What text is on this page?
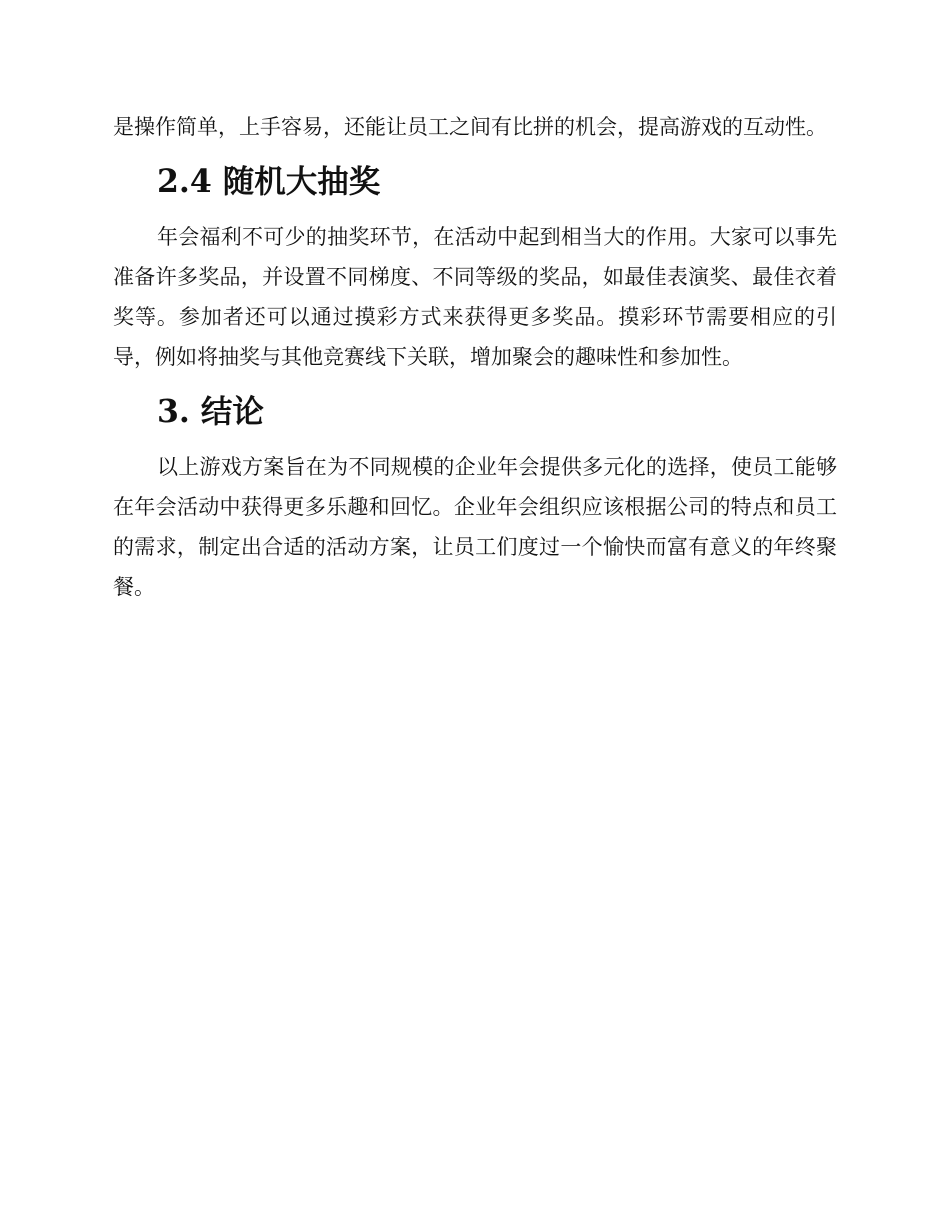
是操作简单，上手容易，还能让员工之间有比拼的机会，提高游戏的互动性。

2.4 随机大抽奖

年会福利不可少的抽奖环节，在活动中起到相当大的作用。大家可以事先准备许多奖品，并设置不同梯度、不同等级的奖品，如最佳表演奖、最佳衣着奖等。参加者还可以通过摸彩方式来获得更多奖品。摸彩环节需要相应的引导，例如将抽奖与其他竞赛线下关联，增加聚会的趣味性和参加性。

3. 结论

以上游戏方案旨在为不同规模的企业年会提供多元化的选择，使员工能够在年会活动中获得更多乐趣和回忆。企业年会组织应该根据公司的特点和员工的需求，制定出合适的活动方案，让员工们度过一个愉快而富有意义的年终聚餐。
